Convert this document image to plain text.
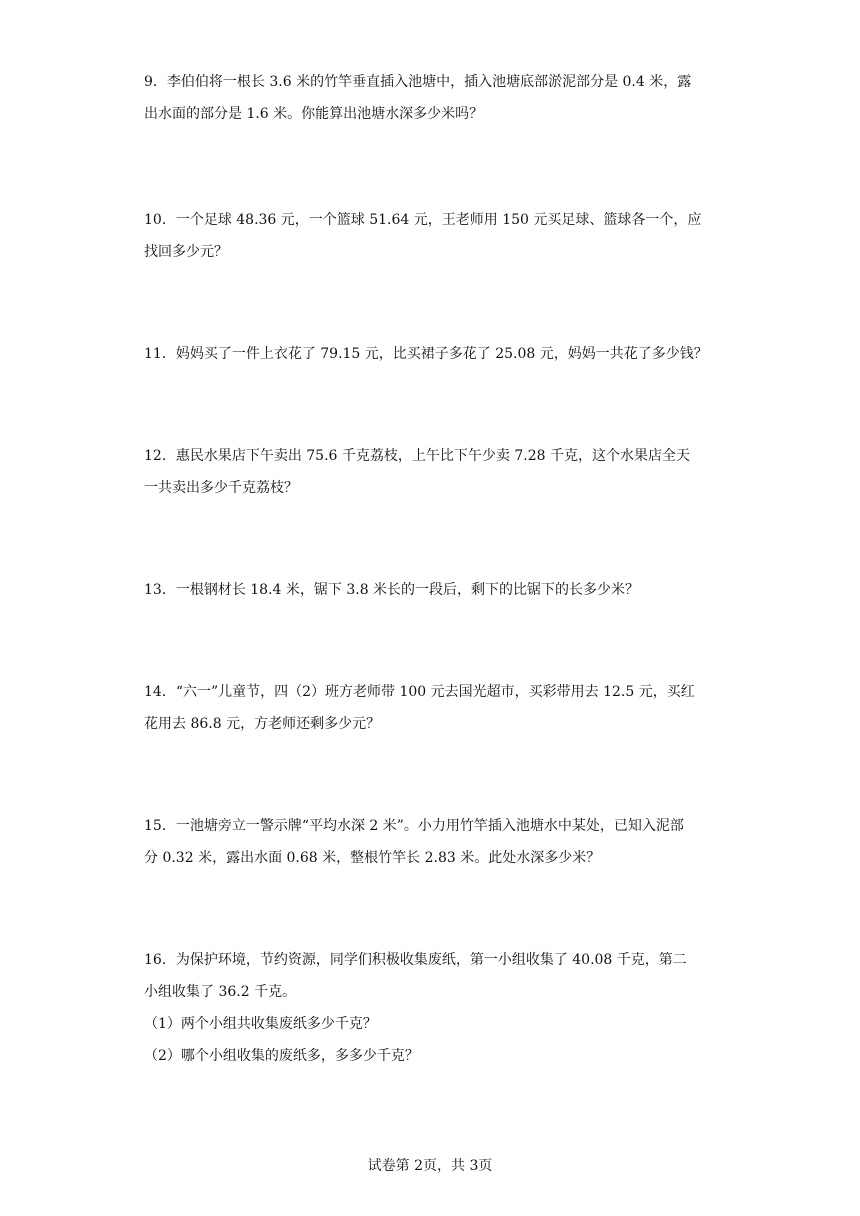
9．李伯伯将一根长 3.6 米的竹竿垂直插入池塘中，插入池塘底部淤泥部分是 0.4 米，露

出水面的部分是 1.6 米。你能算出池塘水深多少米吗？

10．一个足球 48.36 元，一个篮球 51.64 元，王老师用 150 元买足球、篮球各一个，应

找回多少元？

11．妈妈买了一件上衣花了 79.15 元，比买裙子多花了 25.08 元，妈妈一共花了多少钱？

12．惠民水果店下午卖出 75.6 千克荔枝，上午比下午少卖 7.28 千克，这个水果店全天

一共卖出多少千克荔枝？

13．一根钢材长 18.4 米，锯下 3.8 米长的一段后，剩下的比锯下的长多少米？

14．“六一”儿童节，四（2）班方老师带 100 元去国光超市，买彩带用去 12.5 元，买红

花用去 86.8 元，方老师还剩多少元？

15．一池塘旁立一警示牌“平均水深 2 米”。小力用竹竿插入池塘水中某处，已知入泥部

分 0.32 米，露出水面 0.68 米，整根竹竿长 2.83 米。此处水深多少米？

16．为保护环境，节约资源，同学们积极收集废纸，第一小组收集了 40.08 千克，第二

小组收集了 36.2 千克。

（1）两个小组共收集废纸多少千克？

（2）哪个小组收集的废纸多，多多少千克？

试卷第 2页，共 3页
